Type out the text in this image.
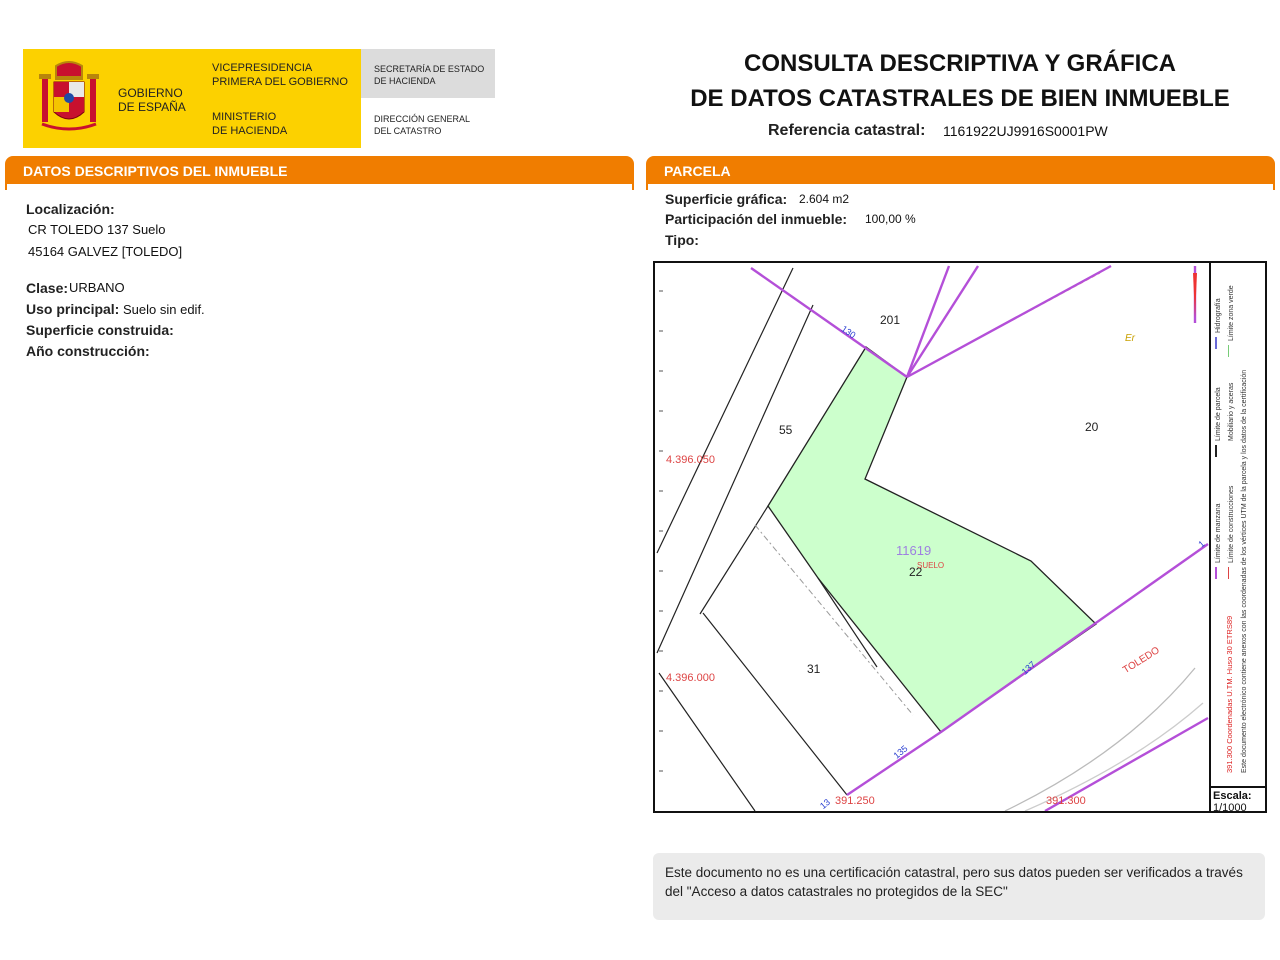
GOBIERNO
DE ESPAÑA
VICEPRESIDENCIA
PRIMERA DEL GOBIERNO
MINISTERIO
DE HACIENDA
SECRETARÍA DE ESTADO
DE HACIENDA
DIRECCIÓN GENERAL
DEL CATASTRO
CONSULTA DESCRIPTIVA Y GRÁFICA
DE DATOS CATASTRALES DE BIEN INMUEBLE
Referencia catastral: 1161922UJ9916S0001PW
DATOS DESCRIPTIVOS DEL INMUEBLE
Localización:
CR TOLEDO 137 Suelo
45164 GALVEZ [TOLEDO]
Clase: URBANO
Uso principal: Suelo sin edif.
Superficie construida:
Año construcción:
PARCELA
Superficie gráfica: 2.604 m2
Participación del inmueble: 100,00 %
Tipo:
201
55	20
22
31
11619
SUELO
4.396.050
4.396.000
391.250	391.300
TOLEDO
137
135
13
130
1
Er
391.300 Coordenadas U.TM. Huso 30 ETRS89
Límite de manzana
Límite de parcela
Hidrografía
Límite de construcciones
Mobiliario y aceras
Límite zona verde
Este documento electrónico contiene anexos con las coordenadas de los vértices UTM de la parcela y los datos de la certificación
Escala:
1/1000
Este documento no es una certificación catastral, pero sus datos pueden ser verificados a través del "Acceso a datos catastrales no protegidos de la SEC"
